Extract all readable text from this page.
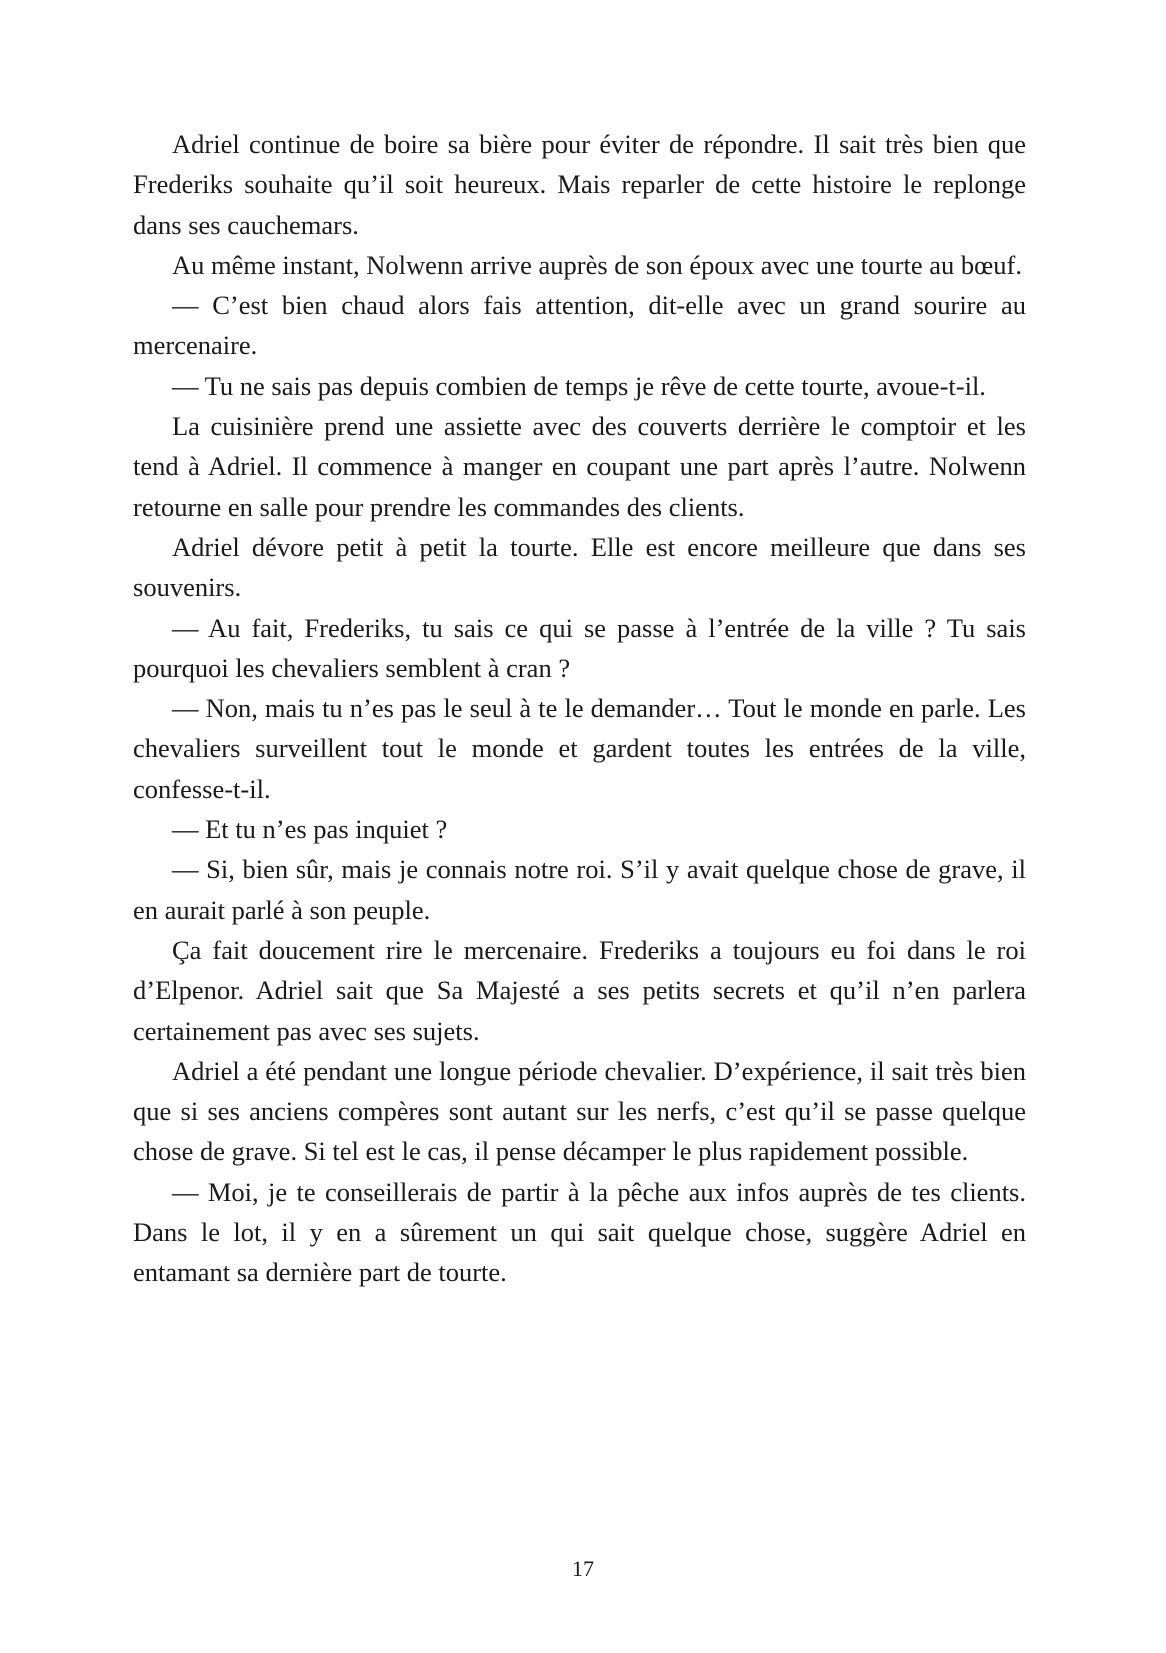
Adriel continue de boire sa bière pour éviter de répondre. Il sait très bien que Frederiks souhaite qu’il soit heureux. Mais reparler de cette histoire le replonge dans ses cauchemars.

Au même instant, Nolwenn arrive auprès de son époux avec une tourte au bœuf.

— C’est bien chaud alors fais attention, dit-elle avec un grand sourire au mercenaire.

— Tu ne sais pas depuis combien de temps je rêve de cette tourte, avoue-t-il.

La cuisinière prend une assiette avec des couverts derrière le comptoir et les tend à Adriel. Il commence à manger en coupant une part après l’autre. Nolwenn retourne en salle pour prendre les commandes des clients.

Adriel dévore petit à petit la tourte. Elle est encore meilleure que dans ses souvenirs.

— Au fait, Frederiks, tu sais ce qui se passe à l’entrée de la ville ? Tu sais pourquoi les chevaliers semblent à cran ?

— Non, mais tu n’es pas le seul à te le demander… Tout le monde en parle. Les chevaliers surveillent tout le monde et gardent toutes les entrées de la ville, confesse-t-il.

— Et tu n’es pas inquiet ?

— Si, bien sûr, mais je connais notre roi. S’il y avait quelque chose de grave, il en aurait parlé à son peuple.

Ça fait doucement rire le mercenaire. Frederiks a toujours eu foi dans le roi d’Elpenor. Adriel sait que Sa Majesté a ses petits secrets et qu’il n’en parlera certainement pas avec ses sujets.

Adriel a été pendant une longue période chevalier. D’expérience, il sait très bien que si ses anciens compères sont autant sur les nerfs, c’est qu’il se passe quelque chose de grave. Si tel est le cas, il pense décamper le plus rapidement possible.

— Moi, je te conseillerais de partir à la pêche aux infos auprès de tes clients. Dans le lot, il y en a sûrement un qui sait quelque chose, suggère Adriel en entamant sa dernière part de tourte.

17
